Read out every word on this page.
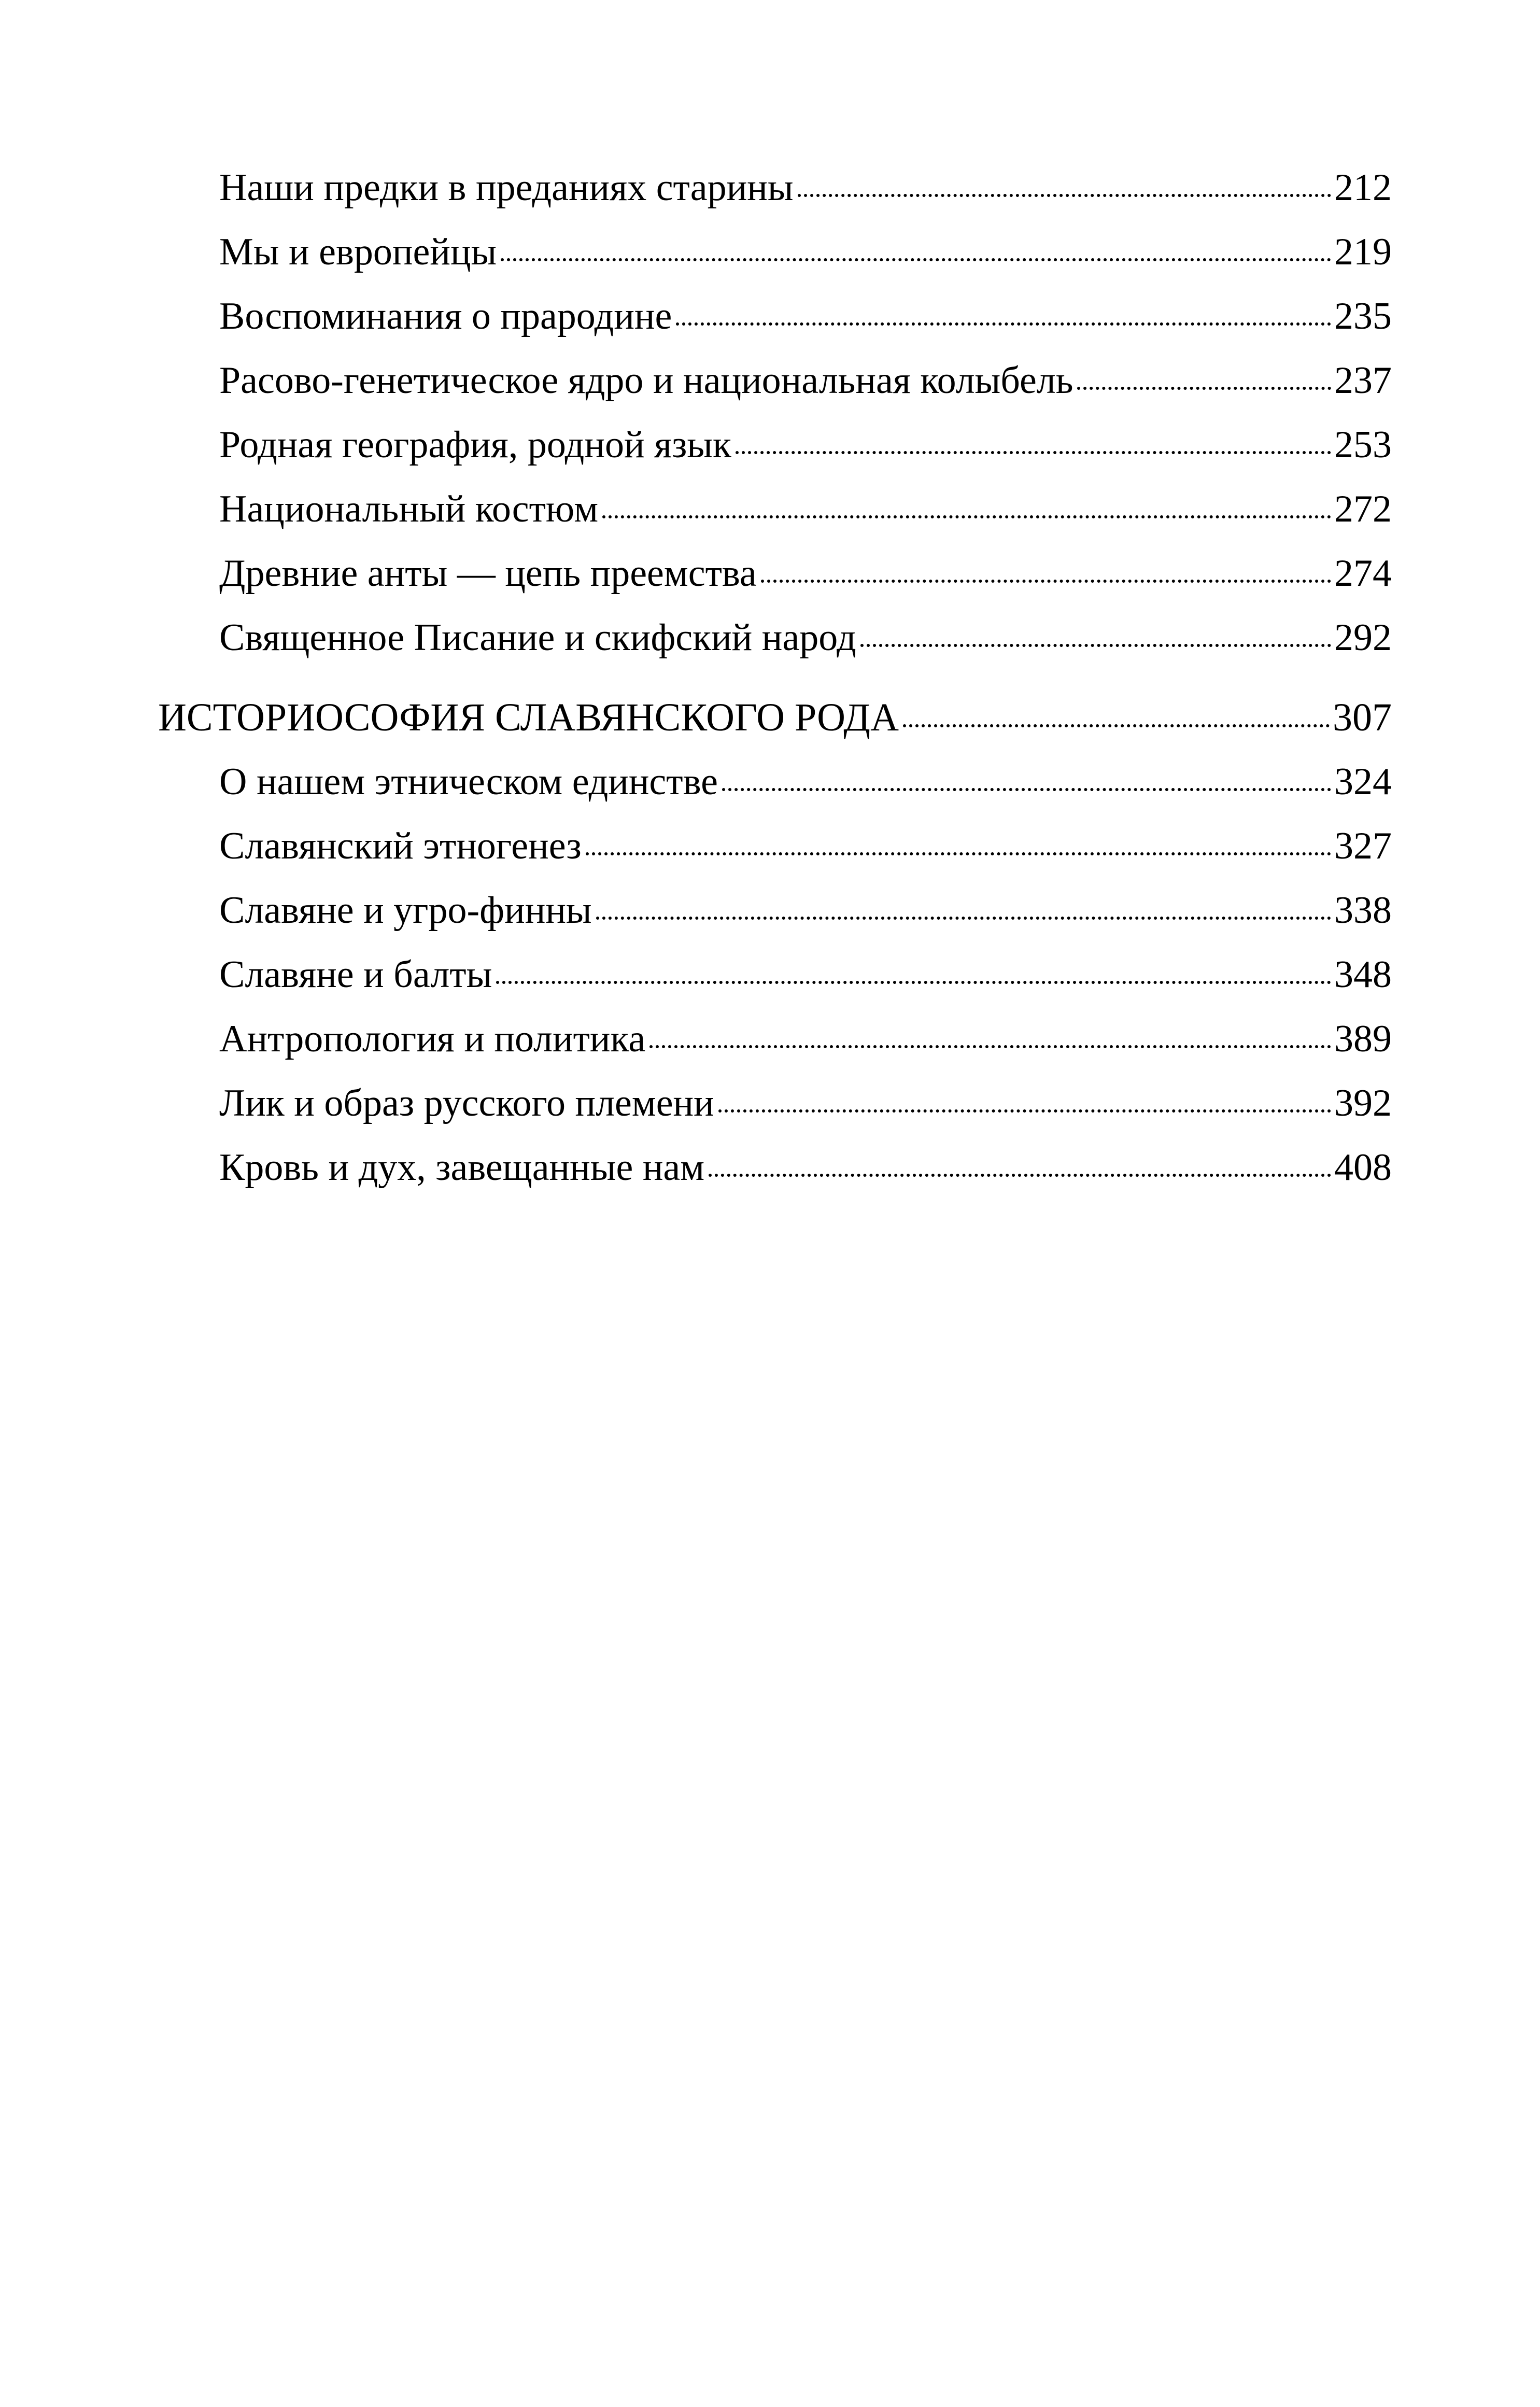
Наши предки в преданиях старины	212
Мы и европейцы	219
Воспоминания о прародине	235
Расово-генетическое ядро и национальная колыбель	237
Родная география, родной язык	253
Национальный костюм	272
Древние анты — цепь преемства	274
Священное Писание и скифский народ	292
ИСТОРИОСОФИЯ СЛАВЯНСКОГО РОДА	307
О нашем этническом единстве	324
Славянский этногенез	327
Славяне и угро-финны	338
Славяне и балты	348
Антропология и политика	389
Лик и образ русского племени	392
Кровь и дух, завещанные нам	408
